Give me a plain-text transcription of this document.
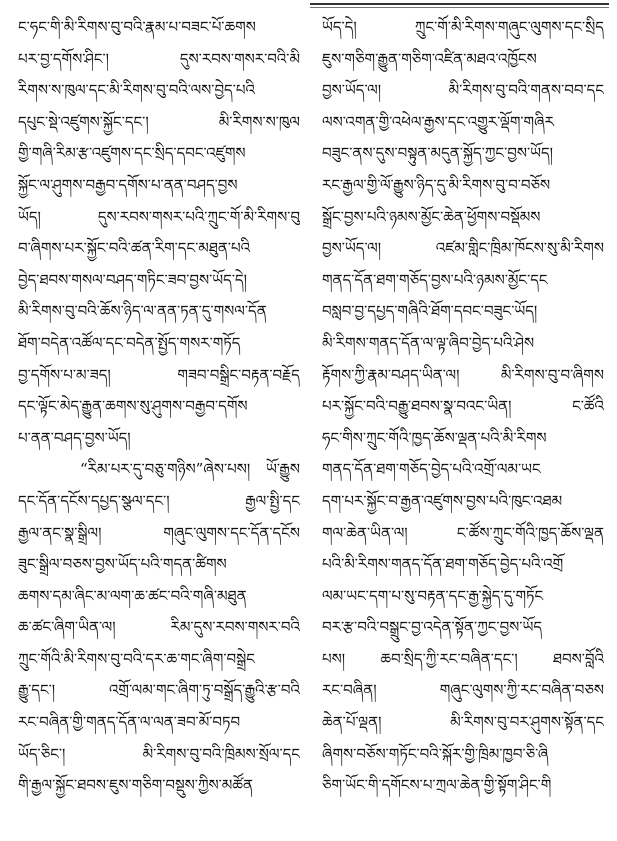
ང་ཧང་གི་མི་རིགས་བུ་བའི་རྣམ་པ་བཟང་པོ་ཆགས
པར་བྱ་དགོས་ཤིང་། དུས་རབས་གསར་བའི་མི
རིགས་ས་ཁུལ་དང་མི་རིགས་བུ་བའི་ལས་བྱེད་པའི
དཔུང་སྡེ་འཛུགས་སྐྱོང་དང་། མི་རིགས་ས་ཁུལ
གྱི་གཞི་རིམ་རྩ་འཛུགས་དང་སྲིད་དབང་འཛུགས
སྐྱོང་ལ་ཤུགས་བརྒྱབ་དགོས་པ་ནན་བཤད་བྱས
ཡོད། དུས་རབས་གསར་པའི་ཀྲུང་གོ་མི་རིགས་བུ
བ་ཞིགས་པར་སྐྱོང་བའི་ཚན་རིག་དང་མཐུན་པའི
བྱེད་ཐབས་གསལ་བཤད་གཏིང་ཟབ་བྱས་ཡོད་དེ།
མི་རིགས་བུ་བའི་ཆོས་ཉིད་ལ་ནན་ཏན་དུ་གསལ་དོན
ཐོག་བདེན་འཚོལ་དང་བདེན་སྤྱོད་གསར་གཏོད
བྱ་དགོས་པ་མ་ཟད། གཟབ་བསྒྲིང་བརྟན་བརྗོད
དང་ལྟོང་མེད་རྒྱུན་ཆགས་སུ་ཤུགས་བརྒྱབ་དགོས
པ་ནན་བཤད་བྱས་ཡོད།
“རིམ་པར་དུ་བཅུ་གཉིས”ཞེས་པས། ཡོ་རྒྱུས
དང་དོན་དངོས་དཔྱད་སྩལ་དང་། རྒྱལ་སྤྱི་དང
རྒྱལ་ནང་སྣ་སྒྲིལ། གཞུང་ལུགས་དང་དོན་དངོས
ཟུང་སྒྲིལ་བཅས་བྱས་ཡོད་པའི་གདན་ཚིགས
ཆགས་དམ་ཞིང་མ་ལག་ཆ་ཚང་བའི་གཞི་མཐུན
ཆ་ཚང་ཞིག་ཡིན་ལ། རིམ་དུས་རབས་གསར་བའི
ཀྲུང་གོའི་མི་རིགས་བུ་བའི་དར་ཆ་གང་ཞིག་བསྒྲེང
རྒྱུ་དང་། འགྲོ་ལམ་གང་ཞིག་ཏུ་བསྒྲོད་རྒྱུའི་རྩ་བའི
རང་བཞིན་གྱི་གནད་དོན་ལ་ལན་ཟབ་མོ་བཏབ
ཡོད་ཅིང་། མི་རིགས་བུ་བའི་ཁྲིམས་སྲོལ་དང
གི་རྒྱལ་སྐྱོང་ཐབས་ཇུས་གཅིག་བསྡུས་ཀྱིས་མཚོན
ཡོད་དེ། ཀྲུང་གོ་མི་རིགས་གཞུང་ལུགས་དང་སྲིད
ཇུས་གཅིག་རྒྱུན་གཅིག་འཛིན་མཐའ་འཁྱོངས
བྱས་ཡོད་ལ། མི་རིགས་བུ་བའི་གནས་བབ་དང
ལས་འགན་གྱི་འཕེལ་རྒྱས་དང་འགྱུར་ལྡོག་གཞིར
བཟུང་ནས་དུས་བསྟུན་མདུན་སྐྱོད་ཀྱང་བྱས་ཡོད།
རང་རྒྱལ་གྱི་ལོ་རྒྱུས་ཉིད་དུ་མི་རིགས་བུ་བ་བཅོས
སྒྲོང་བྱས་པའི་ཉམས་མྱོང་ཆེན་ཕྱོགས་བསྡོམས
བྱས་ཡོད་ལ། འཛམ་གླིང་ཁྲིམ་ཁོངས་སུ་མི་རིགས
གནད་དོན་ཐག་གཅོད་བྱས་པའི་ཉམས་མྱོང་དང
བསླབ་བྱ་དཔྱད་གཞིའི་ཐོག་དབང་བཟུང་ཡོད།
མི་རིགས་གནད་དོན་ལ་ལྟ་ཞིབ་བྱེད་པའི་ཤེས
རྟོགས་ཀྱི་རྣམ་བཤད་ཡིན་ལ། མི་རིགས་བུ་བ་ཞིགས
པར་སྐྱོང་བའི་བརྒྱུ་ཐབས་སྣ་བའང་ཡིན། ང་ཚོའི
ཧང་གིས་ཀྲུང་གོའི་ཁྱད་ཆོས་ལྡན་པའི་མི་རིགས
གནད་དོན་ཐག་གཅོད་བྱེད་པའི་འགྲོ་ལམ་ཡང
དག་པར་སྐྱོང་བ་རྒྱན་འཛུགས་བྱས་པའི་ཁུང་འཐམ
གལ་ཆེན་ཡིན་ལ། ང་ཚོས་ཀྲུང་གོའི་ཁྱད་ཆོས་ལྡན
པའི་མི་རིགས་གནད་དོན་ཐག་གཅོད་བྱེད་པའི་འགྲོ
ལམ་ཡང་དག་པ་སུ་བརྟན་དང་རྒྱ་སྐྱེད་དུ་གཏོང
བར་རྩ་བའི་བསྒྲུང་བྱ་འདེན་སྟོན་ཀྱང་བྱས་ཡོད
པས། ཆབ་སྲིད་ཀྱི་རང་བཞིན་དང་། ཐབས་བློའི
རང་བཞིན། གཞུང་ལུགས་ཀྱི་རང་བཞིན་བཅས
ཆེན་པོ་ལྡན། མི་རིགས་བུ་བར་ཤུགས་སྟོན་དང
ཞིགས་བཅོས་གཏོང་བའི་སྐོར་གྱི་ཁྲིམ་ཁྱབ་ཅི་ཞི
ཅིག་ཡོང་གི་དགོངས་པ་ཀྲལ་ཆེན་གྱི་སྟོག་ཤིང་གི
